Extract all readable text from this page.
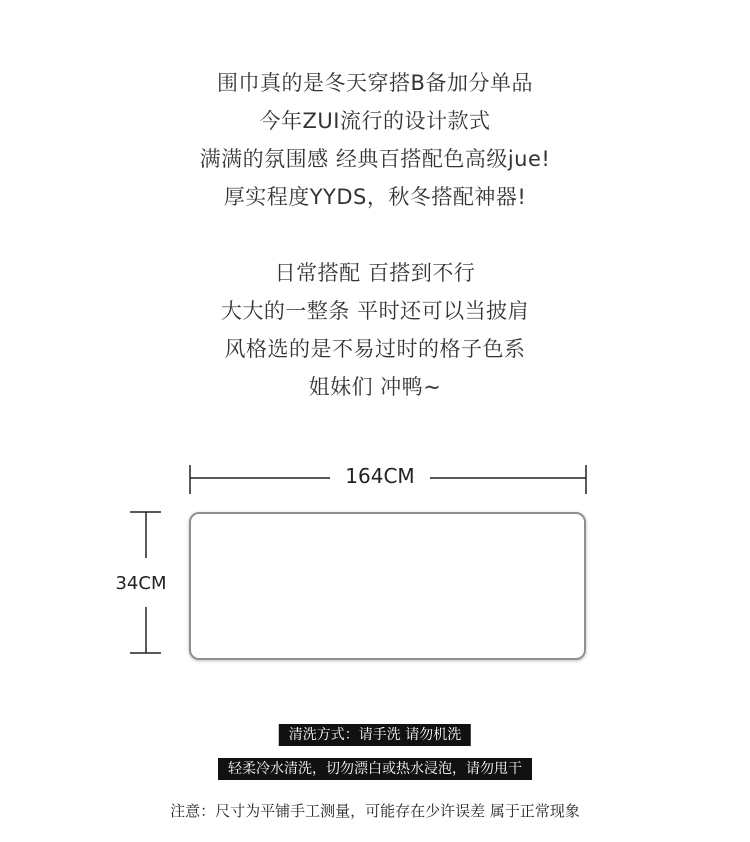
围巾真的是冬天穿搭B备加分单品
今年ZUI流行的设计款式
满满的氛围感 经典百搭配色高级jue!
厚实程度YYDS，秋冬搭配神器!
日常搭配 百搭到不行
大大的一整条 平时还可以当披肩
风格选的是不易过时的格子色系
姐妹们 冲鸭~
164CM
34CM
清洗方式：请手洗 请勿机洗
轻柔冷水清洗，切勿漂白或热水浸泡，请勿甩干
注意：尺寸为平铺手工测量，可能存在少许误差 属于正常现象
